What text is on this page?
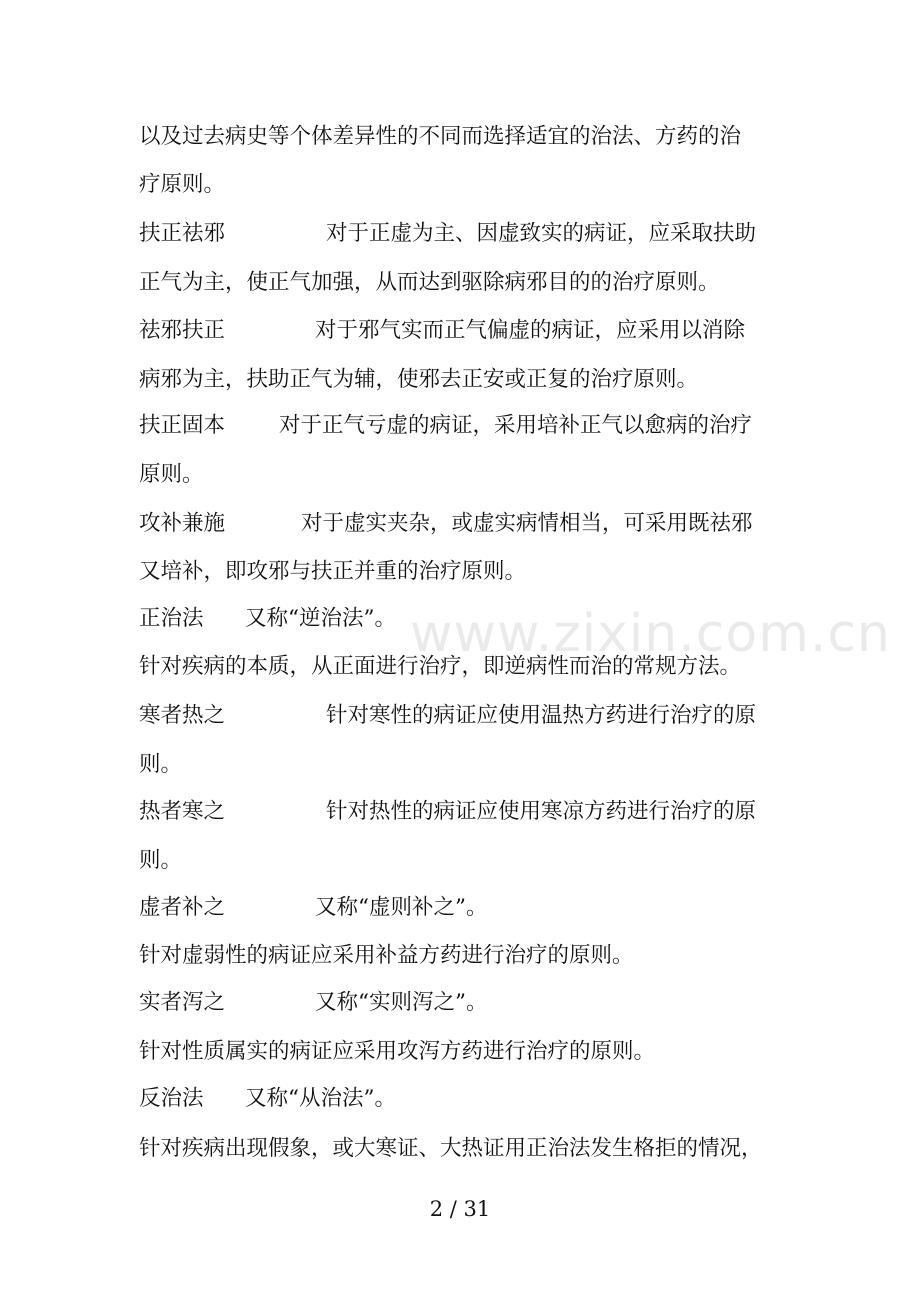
以及过去病史等个体差异性的不同而选择适宜的治法、方药的治
疗原则。
扶正祛邪	对于正虚为主、因虚致实的病证，应采取扶助
正气为主，使正气加强，从而达到驱除病邪目的的治疗原则。
祛邪扶正	对于邪气实而正气偏虚的病证，应采用以消除
病邪为主，扶助正气为辅，使邪去正安或正复的治疗原则。
扶正固本	对于正气亏虚的病证，采用培补正气以愈病的治疗
原则。
攻补兼施	对于虚实夹杂，或虚实病情相当，可采用既祛邪
又培补，即攻邪与扶正并重的治疗原则。
正治法 又称“逆治法”。
针对疾病的本质，从正面进行治疗，即逆病性而治的常规方法。
寒者热之	针对寒性的病证应使用温热方药进行治疗的原
则。
热者寒之	针对热性的病证应使用寒凉方药进行治疗的原
则。
虚者补之	又称“虚则补之”。
针对虚弱性的病证应采用补益方药进行治疗的原则。
实者泻之	又称“实则泻之”。
针对性质属实的病证应采用攻泻方药进行治疗的原则。
反治法 又称“从治法”。
针对疾病出现假象，或大寒证、大热证用正治法发生格拒的情况，
www.zixin.com.cn
2 / 31
